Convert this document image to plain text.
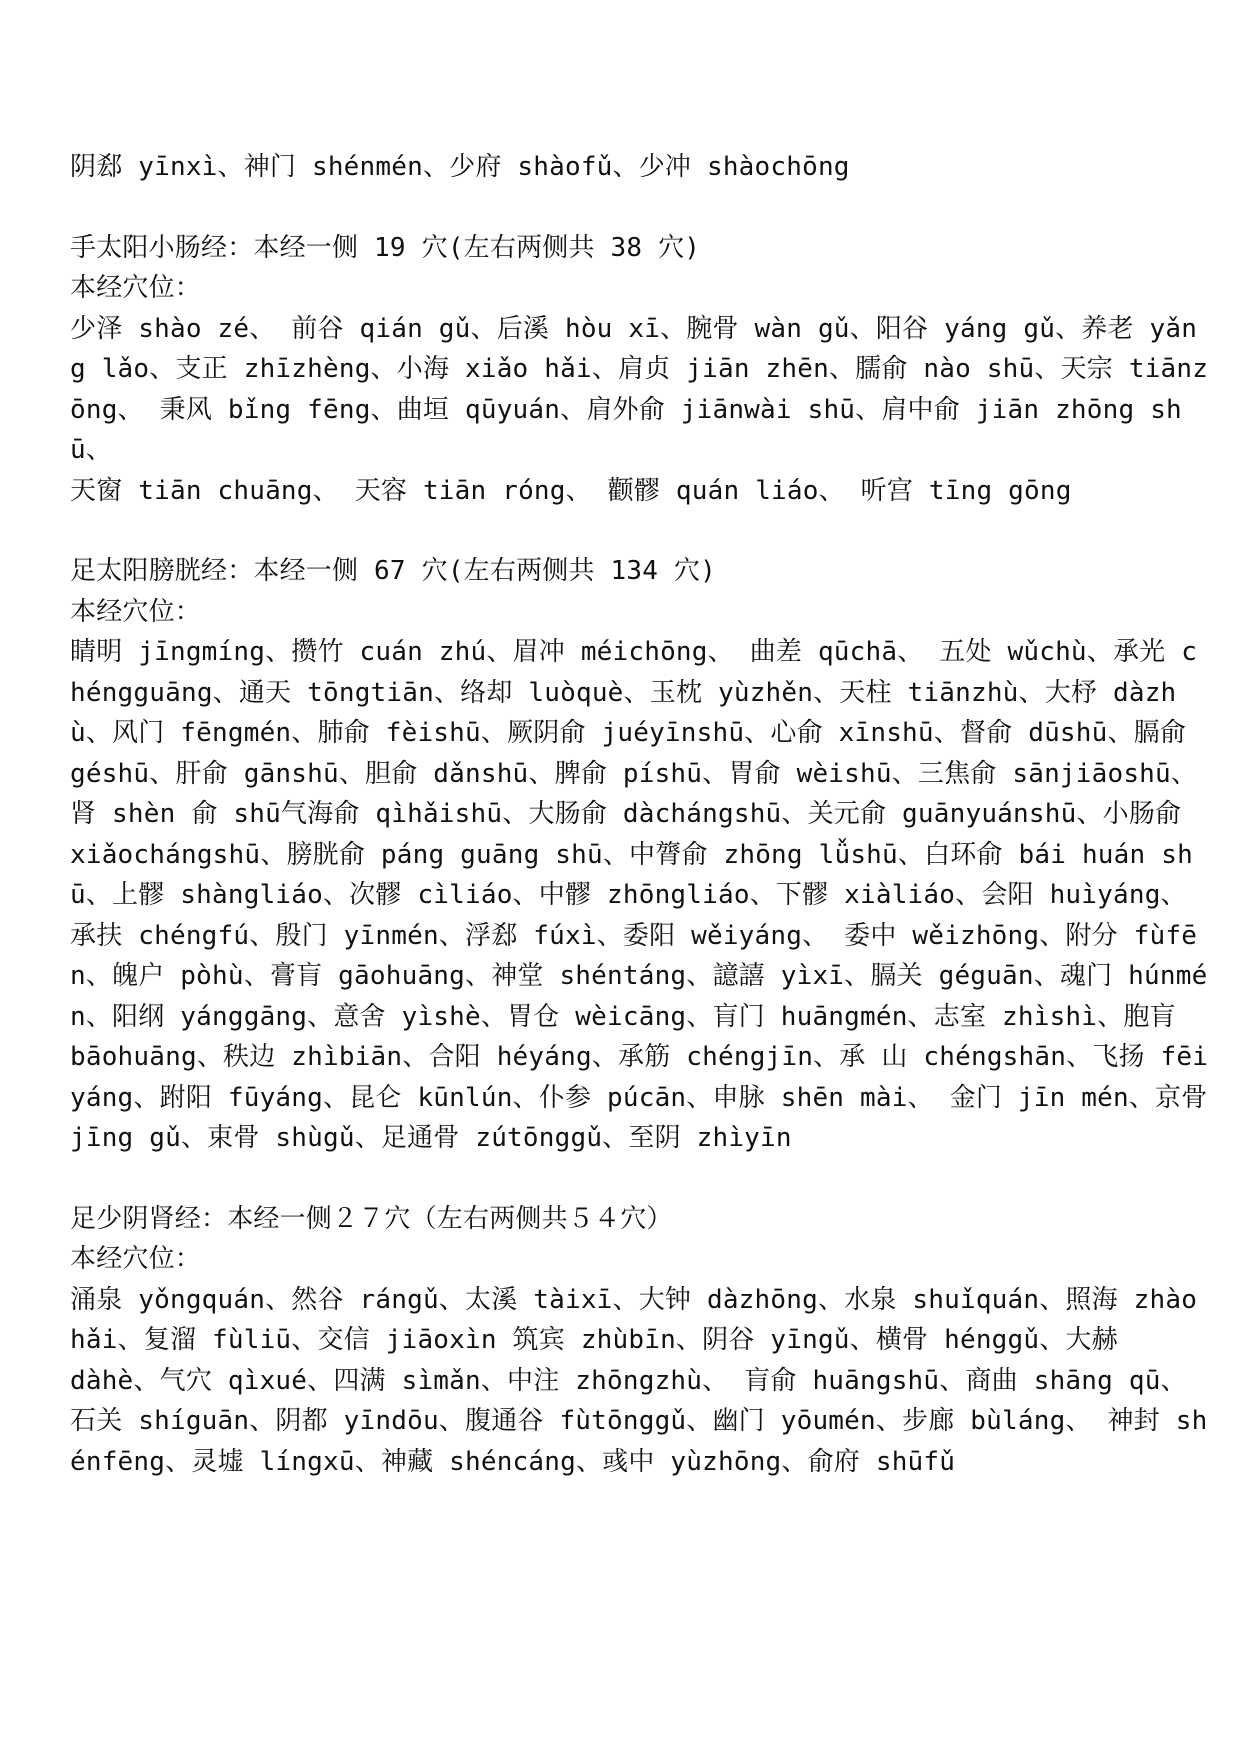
阴郄 yīnxì、神门 shénmén、少府 shàofǔ、少冲 shàochōng

手太阳小肠经：本经一侧 19 穴(左右两侧共 38 穴)

本经穴位：

少泽 shào zé、 前谷 qián gǔ、后溪 hòu xī、腕骨 wàn gǔ、阳谷 yáng gǔ、养老 yǎng lǎo、支正 zhīzhèng、小海 xiǎo hǎi、肩贞 jiān zhēn、臑俞 nào shū、天宗 tiānzōng、 秉风 bǐng fēng、曲垣 qūyuán、肩外俞 jiānwài shū、肩中俞 jiān zhōng shū、

天窗 tiān chuāng、 天容 tiān róng、 颧髎 quán liáo、 听宫 tīng gōng

足太阳膀胱经：本经一侧 67 穴(左右两侧共 134 穴)

本经穴位：

睛明 jīngmíng、攒竹 cuán zhú、眉冲 méichōng、 曲差 qūchā、 五处 wǔchù、承光 chéngguāng、通天 tōngtiān、络却 luòquè、玉枕 yùzhěn、天柱 tiānzhù、大杼 dàzhù、风门 fēngmén、肺俞 fèishū、厥阴俞 juéyīnshū、心俞 xīnshū、督俞 dūshū、膈俞 géshū、肝俞 gānshū、胆俞 dǎnshū、脾俞 píshū、胃俞 wèishū、三焦俞 sānjiāoshū、肾 shèn 俞 shū气海俞 qìhǎishū、大肠俞 dàchángshū、关元俞 guānyuánshū、小肠俞 xiǎochángshū、膀胱俞 páng guāng shū、中膂俞 zhōng lǚshū、白环俞 bái huán shū、上髎 shàngliáo、次髎 cìliáo、中髎 zhōngliáo、下髎 xiàliáo、会阳 huìyáng、承扶 chéngfú、殷门 yīnmén、浮郄 fúxì、委阳 wěiyáng、 委中 wěizhōng、附分 fùfēn、魄户 pòhù、膏肓 gāohuāng、神堂 shéntáng、譩譆 yìxī、膈关 géguān、魂门 húnmén、阳纲 yánggāng、意舍 yìshè、胃仓 wèicāng、肓门 huāngmén、志室 zhìshì、胞肓

bāohuāng、秩边 zhìbiān、合阳 héyáng、承筋 chéngjīn、承 山 chéngshān、飞扬 fēiyáng、跗阳 fūyáng、昆仑 kūnlún、仆参 púcān、申脉 shēn mài、 金门 jīn mén、京骨 jīng gǔ、束骨 shùgǔ、足通骨 zútōnggǔ、至阴 zhìyīn

足少阴肾经：本经一侧２７穴（左右两侧共５４穴）

本经穴位：

涌泉 yǒngquán、然谷 rángǔ、太溪 tàixī、大钟 dàzhōng、水泉 shuǐquán、照海 zhàohǎi、复溜 fùliū、交信 jiāoxìn 筑宾 zhùbīn、阴谷 yīngǔ、横骨 hénggǔ、大赫

dàhè、气穴 qìxué、四满 sìmǎn、中注 zhōngzhù、 肓俞 huāngshū、商曲 shāng qū、石关 shíguān、阴都 yīndōu、腹通谷 fùtōnggǔ、幽门 yōumén、步廊 bùláng、 神封 shénfēng、灵墟 língxū、神藏 shéncáng、彧中 yùzhōng、俞府 shūfǔ
